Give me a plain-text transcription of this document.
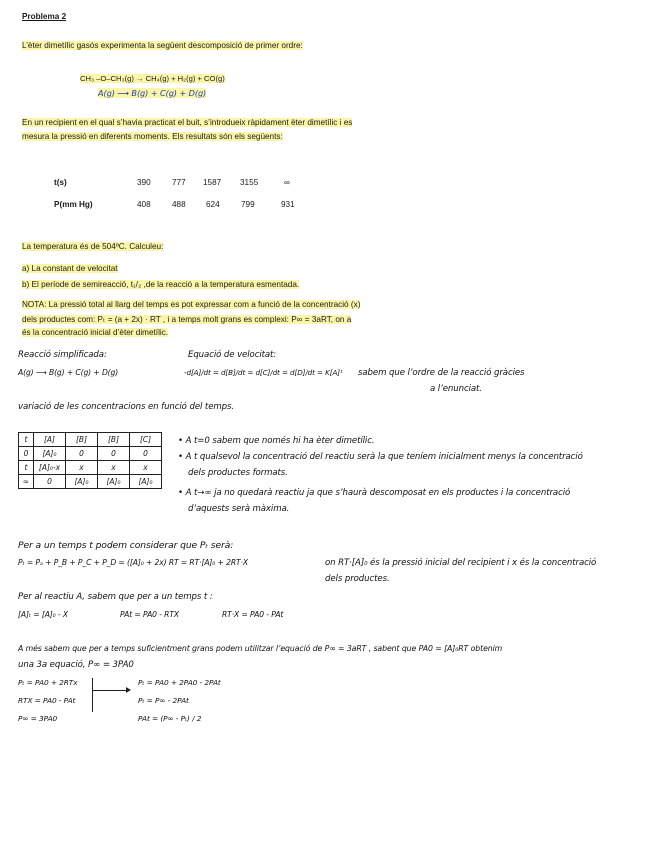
Problema 2
L’èter dimetílic gasós experimenta la següent descomposició de primer ordre:
CH₃ –O–CH₃(g) → CH₄(g) + H₂(g) + CO(g)
A(g) ⟶ B(g) + C(g) + D(g)
En un recipient en el qual s’havia practicat el buit, s’introdueix ràpidament èter dimetílic i es
mesura la pressió en diferents moments. Els resultats són els següents:
t(s)	390	777 1587 3155	∞
P(mm Hg)	408	488 624	799	931
La temperatura és de 504ºC. Calculeu:
a) La constant de velocitat
b) El període de semireacció, t₁/₂ ,de la reacció a la temperatura esmentada.
NOTA: La pressió total al llarg del temps es pot expressar com a funció de la concentració (x)
dels productes com: Pₜ = (a + 2x) · RT , i a temps molt grans es complexi: P∞ = 3aRT, on a
és la concentració inicial d’èter dimetílic.
Reacció simplificada:
A(g) ⟶ B(g) + C(g) + D(g)
Equació de velocitat:
-d[A]/dt = d[B]/dt = d[C]/dt = d[D]/dt = K[A]¹ sabem que l’ordre de la reacció gràcies
a l’enunciat.
variació de les concentracions en funció del temps.
t	[A]	[B]	[B]	[C]
0	[A]₀	0	0	0
t	[A]₀-x	x	x	x
∞	0	[A]₀	[A]₀	[A]₀
• A t=0 sabem que només hi ha èter dimetílic.
• A t qualsevol la concentració del reactiu serà la que teníem inicialment menys la concentració
dels productes formats.
• A t→∞ ja no quedarà reactiu ja que s’haurà descomposat en els productes i la concentració
d’aquests serà màxima.
Per a un temps t podem considerar que Pₜ serà:
Pₜ = Pₐ + P_B + P_C + P_D = ([A]₀ + 2x) RT = RT·[A]₀ + 2RT·X	on RT·[A]₀ és la pressió inicial del recipient i x és la concentració
dels productes.
Per al reactiu A, sabem que per a un temps t :
[A]ₜ = [A]₀ - X	PAt = PA0 - RTX	RT·X = PA0 - PAt
A més sabem que per a temps suficientment grans podem utilitzar l’equació de P∞ = 3aRT , sabent que PA0 = [A]₀RT obtenim
una 3a equació, P∞ = 3PA0
Pₜ = PA0 + 2RTx
RTX = PA0 - PAt
P∞ = 3PA0
Pₜ = PA0 + 2PA0 - 2PAt
Pₜ = P∞ - 2PAt
PAt = (P∞ - Pₜ) / 2
